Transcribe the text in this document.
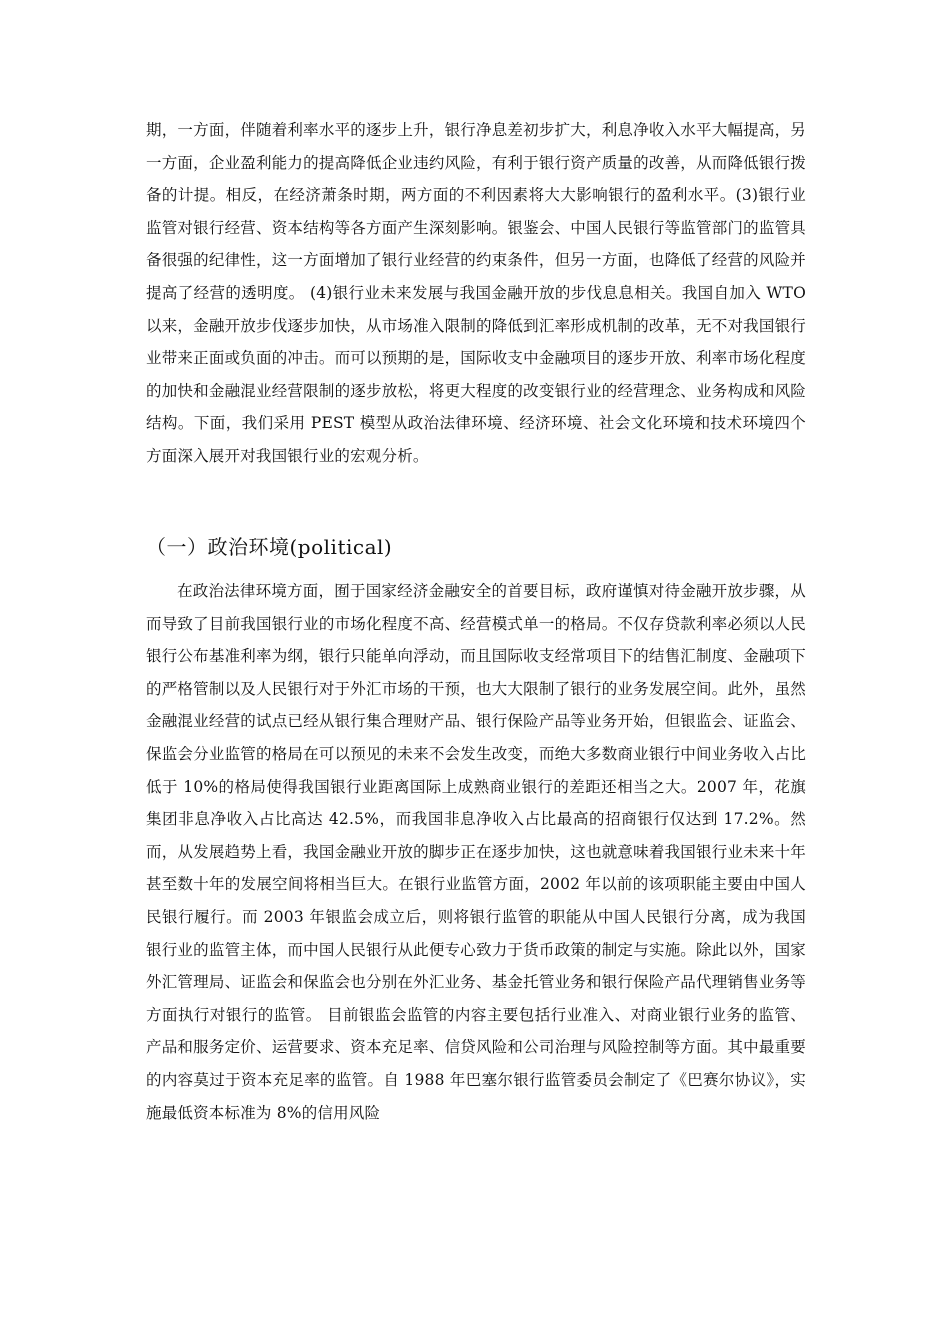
期，一方面，伴随着利率水平的逐步上升，银行净息差初步扩大，利息净收入水平大幅提高，另一方面，企业盈利能力的提高降低企业违约风险，有利于银行资产质量的改善，从而降低银行拨备的计提。相反，在经济萧条时期，两方面的不利因素将大大影响银行的盈利水平。(3)银行业监管对银行经营、资本结构等各方面产生深刻影响。银鉴会、中国人民银行等监管部门的监管具备很强的纪律性，这一方面增加了银行业经营的约束条件，但另一方面，也降低了经营的风险并提高了经营的透明度。 (4)银行业未来发展与我国金融开放的步伐息息相关。我国自加入 WTO 以来，金融开放步伐逐步加快，从市场准入限制的降低到汇率形成机制的改革，无不对我国银行业带来正面或负面的冲击。而可以预期的是，国际收支中金融项目的逐步开放、利率市场化程度的加快和金融混业经营限制的逐步放松，将更大程度的改变银行业的经营理念、业务构成和风险结构。下面，我们采用 PEST 模型从政治法律环境、经济环境、社会文化环境和技术环境四个方面深入展开对我国银行业的宏观分析。

（一）政治环境(political)

在政治法律环境方面，囿于国家经济金融安全的首要目标，政府谨慎对待金融开放步骤，从而导致了目前我国银行业的市场化程度不高、经营模式单一的格局。不仅存贷款利率必须以人民银行公布基准利率为纲，银行只能单向浮动，而且国际收支经常项目下的结售汇制度、金融项下的严格管制以及人民银行对于外汇市场的干预，也大大限制了银行的业务发展空间。此外，虽然金融混业经营的试点已经从银行集合理财产品、银行保险产品等业务开始，但银监会、证监会、保监会分业监管的格局在可以预见的未来不会发生改变，而绝大多数商业银行中间业务收入占比低于 10%的格局使得我国银行业距离国际上成熟商业银行的差距还相当之大。2007 年，花旗集团非息净收入占比高达 42.5%，而我国非息净收入占比最高的招商银行仅达到 17.2%。然而，从发展趋势上看，我国金融业开放的脚步正在逐步加快，这也就意味着我国银行业未来十年甚至数十年的发展空间将相当巨大。在银行业监管方面，2002 年以前的该项职能主要由中国人民银行履行。而 2003 年银监会成立后，则将银行监管的职能从中国人民银行分离，成为我国银行业的监管主体，而中国人民银行从此便专心致力于货币政策的制定与实施。除此以外，国家外汇管理局、证监会和保监会也分别在外汇业务、基金托管业务和银行保险产品代理销售业务等方面执行对银行的监管。 目前银监会监管的内容主要包括行业准入、对商业银行业务的监管、产品和服务定价、运营要求、资本充足率、信贷风险和公司治理与风险控制等方面。其中最重要的内容莫过于资本充足率的监管。自 1988 年巴塞尔银行监管委员会制定了《巴赛尔协议》，实施最低资本标准为 8%的信用风险
